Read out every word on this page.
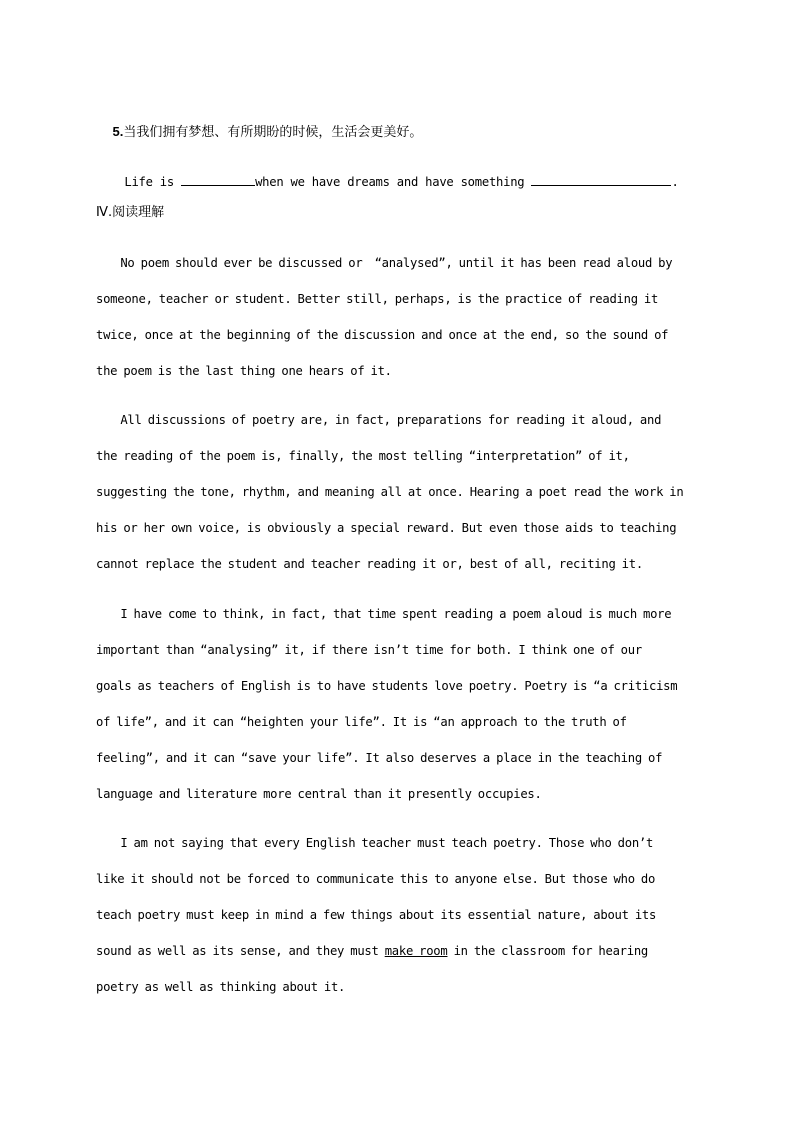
5.当我们拥有梦想、有所期盼的时候，生活会更美好。

Life is	when we have dreams and have something	.

Ⅳ.阅读理解
No poem should ever be discussed or  “analysed”, until it has been read aloud by
someone, teacher or student. Better still, perhaps, is the practice of reading it
twice, once at the beginning of the discussion and once at the end, so the sound of
the poem is the last thing one hears of it.
All discussions of poetry are, in fact, preparations for reading it aloud, and
the reading of the poem is, finally, the most telling “interpretation” of it,
suggesting the tone, rhythm, and meaning all at once. Hearing a poet read the work in
his or her own voice, is obviously a special reward. But even those aids to teaching
cannot replace the student and teacher reading it or, best of all, reciting it.
I have come to think, in fact, that time spent reading a poem aloud is much more
important than “analysing” it, if there isn’t time for both. I think one of our
goals as teachers of English is to have students love poetry. Poetry is “a criticism
of life”, and it can “heighten your life”. It is “an approach to the truth of
feeling”, and it can “save your life”. It also deserves a place in the teaching of
language and literature more central than it presently occupies.
I am not saying that every English teacher must teach poetry. Those who don’t
like it should not be forced to communicate this to anyone else. But those who do
teach poetry must keep in mind a few things about its essential nature, about its
sound as well as its sense, and they must make room in the classroom for hearing
poetry as well as thinking about it.
